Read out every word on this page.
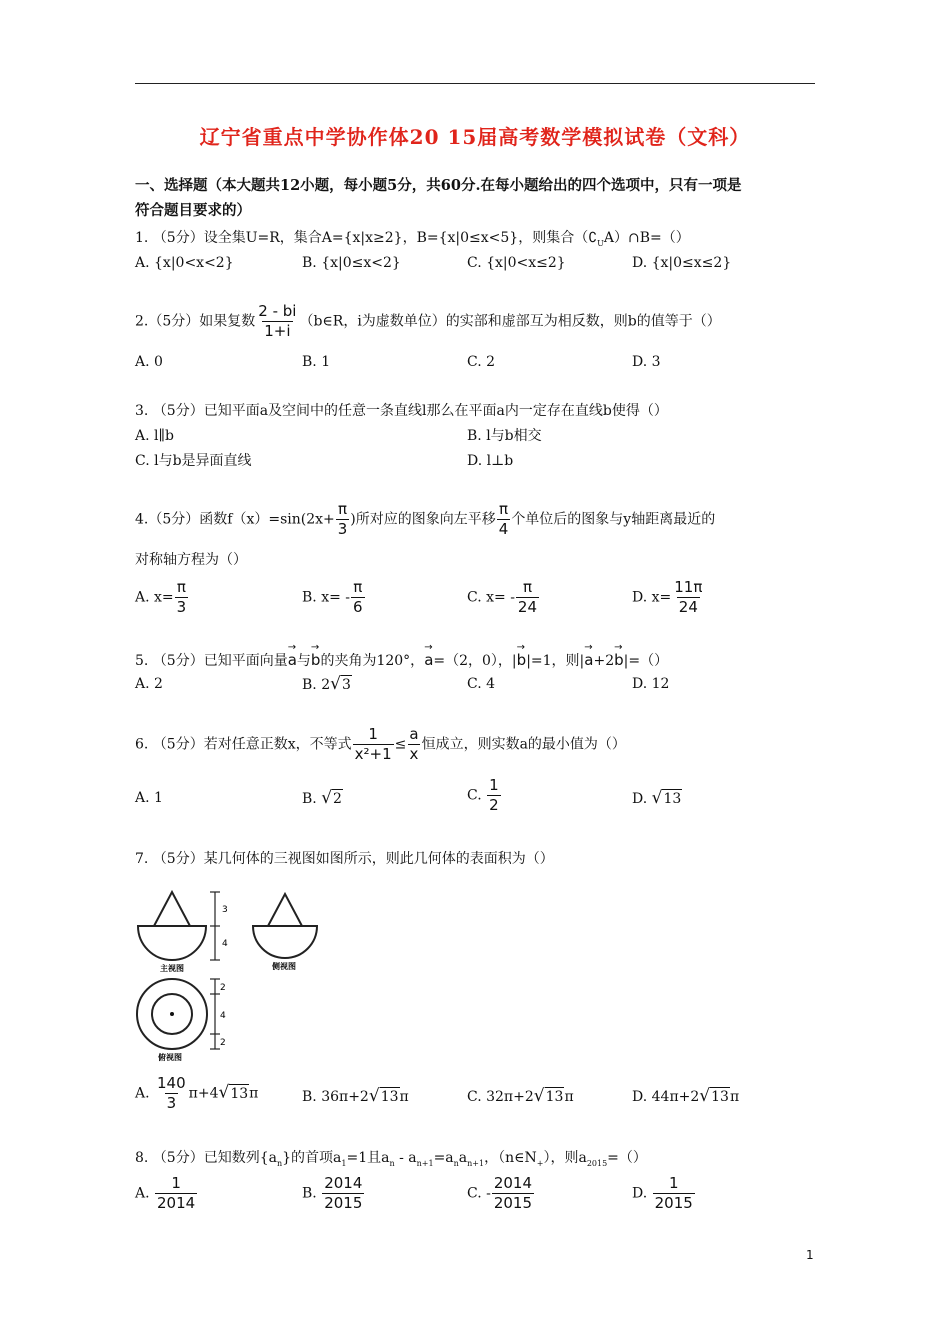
辽宁省重点中学协作体20 15届高考数学模拟试卷（文科）
一、选择题（本大题共12小题，每小题5分，共60分.在每小题给出的四个选项中，只有一项是
符合题目要求的）
1. （5分）设全集U=R，集合A={x|x≥2}，B={x|0≤x<5}，则集合$(∁_UA)\cap B=()$
A. {x|0<x<2}	B. {x|0≤x<2}	C. {x|0<x≤2}	D. {x|0≤x≤2}
2.（5分）如果复数 $\frac{2 - bi}{1+i}$ （b∈R，i为虚数单位）的实部和虚部互为相反数，则b的值等于（）
A. 0	B. 1	C. 2	D. 3
3. （5分）已知平面a及空间中的任意一条直线l那么在平面a内一定存在直线b使得（）
A. l∥b	B. l与b相交
C. l与b是异面直线	D. l⊥b
4.（5分）函数$f(x)=\sin(2x+ \frac{\pi}{3}$ )所对应的图象向左平移 $\frac{\pi}{4}$ 个单位后的图象与y轴距离最近的
对称轴方程为（）
A. $x= \frac{\pi}{3}$	B. $x= - \frac{\pi}{6}$	C. $x= - \frac{\pi}{24}$	D. $x= \frac{11\pi}{24}$
5. （5分）已知平面向量→ a与→ b的夹角为120°，→ a=（2，0），|→ b|=1，则|→ a+2→ b|=（）
A. 2	B. 2√3	C. 4	D. 12
6. （5分）若对任意正数x，不等式 $\frac{1}{\text{x²+1}} \le \frac{a}{x}$ 恒成立，则实数a的最小值为（）
A. 1	B. √2	C. $\frac{1}{2}$	D. √13
7. （5分）某几何体的三视图如图所示，则此几何体的表面积为（）
3
4
主视图	侧视图
2
4
2
俯视图
A. $\frac{140}{3} \pi+4√13\pi$	B. 36π+2√13π	C. 32π+2√13π	D. 44π+2√13π
8. （5分）已知数列$\{a_n\}$的首项$a_1=1$且$a_n - a_{n+1}=a_na_{n+1}$，$(n\in N_+)$，则$a_{2015}=()$
A. $\frac{1}{2014}$	B. $\frac{2014}{2015}$	C. - $\frac{2014}{2015}$	D. $\frac{1}{2015}$
1
